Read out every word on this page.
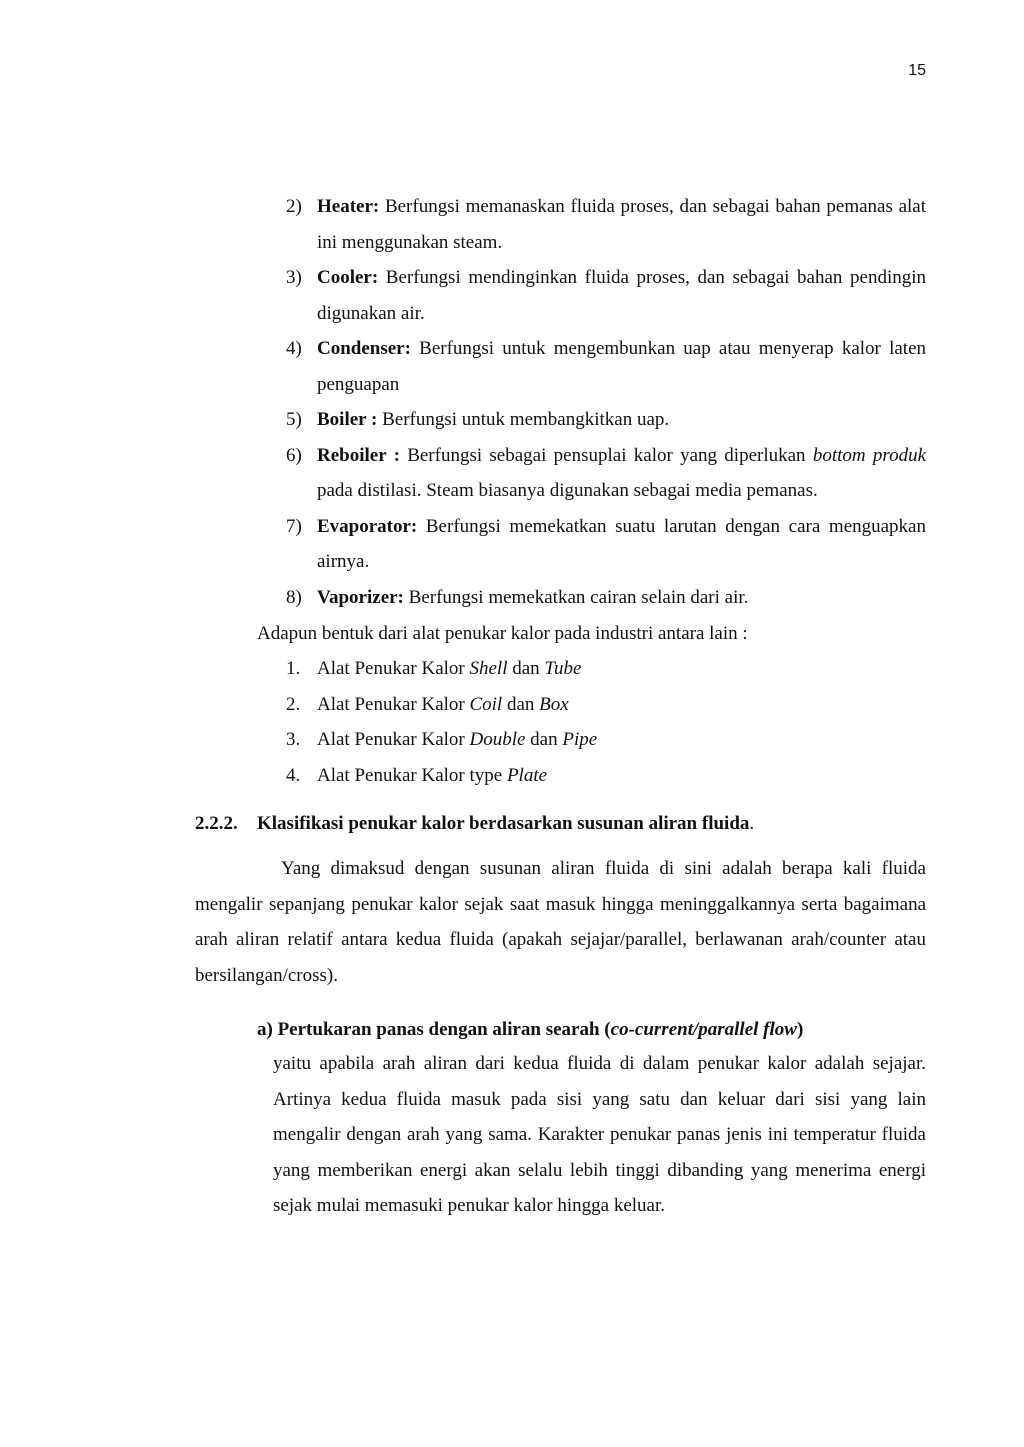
15
2) Heater: Berfungsi memanaskan fluida proses, dan sebagai bahan pemanas alat ini menggunakan steam.
3) Cooler: Berfungsi mendinginkan fluida proses, dan sebagai bahan pendingin digunakan air.
4) Condenser: Berfungsi untuk mengembunkan uap atau menyerap kalor laten penguapan
5) Boiler : Berfungsi untuk membangkitkan uap.
6) Reboiler : Berfungsi sebagai pensuplai kalor yang diperlukan bottom produk pada distilasi. Steam biasanya digunakan sebagai media pemanas.
7) Evaporator: Berfungsi memekatkan suatu larutan dengan cara menguapkan airnya.
8) Vaporizer: Berfungsi memekatkan cairan selain dari air.
Adapun bentuk dari alat penukar kalor pada industri antara lain :
1. Alat Penukar Kalor Shell dan Tube
2. Alat Penukar Kalor Coil dan Box
3. Alat Penukar Kalor Double dan Pipe
4. Alat Penukar Kalor type Plate
2.2.2. Klasifikasi penukar kalor berdasarkan susunan aliran fluida.
Yang dimaksud dengan susunan aliran fluida di sini adalah berapa kali fluida mengalir sepanjang penukar kalor sejak saat masuk hingga meninggalkannya serta bagaimana arah aliran relatif antara kedua fluida (apakah sejajar/parallel, berlawanan arah/counter atau bersilangan/cross).
a) Pertukaran panas dengan aliran searah (co-current/parallel flow)
yaitu apabila arah aliran dari kedua fluida di dalam penukar kalor adalah sejajar. Artinya kedua fluida masuk pada sisi yang satu dan keluar dari sisi yang lain mengalir dengan arah yang sama. Karakter penukar panas jenis ini temperatur fluida yang memberikan energi akan selalu lebih tinggi dibanding yang menerima energi sejak mulai memasuki penukar kalor hingga keluar.
